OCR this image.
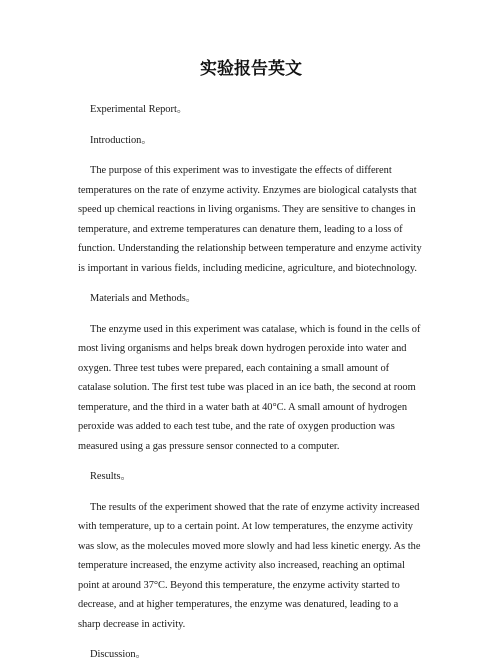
实验报告英文

Experimental Report。

Introduction。

The purpose of this experiment was to investigate the effects of different temperatures on the rate of enzyme activity. Enzymes are biological catalysts that speed up chemical reactions in living organisms. They are sensitive to changes in temperature, and extreme temperatures can denature them, leading to a loss of function. Understanding the relationship between temperature and enzyme activity is important in various fields, including medicine, agriculture, and biotechnology.

Materials and Methods。

The enzyme used in this experiment was catalase, which is found in the cells of most living organisms and helps break down hydrogen peroxide into water and oxygen. Three test tubes were prepared, each containing a small amount of catalase solution. The first test tube was placed in an ice bath, the second at room temperature, and the third in a water bath at 40°C. A small amount of hydrogen peroxide was added to each test tube, and the rate of oxygen production was measured using a gas pressure sensor connected to a computer.

Results。

The results of the experiment showed that the rate of enzyme activity increased with temperature, up to a certain point. At low temperatures, the enzyme activity was slow, as the molecules moved more slowly and had less kinetic energy. As the temperature increased, the enzyme activity also increased, reaching an optimal point at around 37°C. Beyond this temperature, the enzyme activity started to decrease, and at higher temperatures, the enzyme was denatured, leading to a sharp decrease in activity.

Discussion。
